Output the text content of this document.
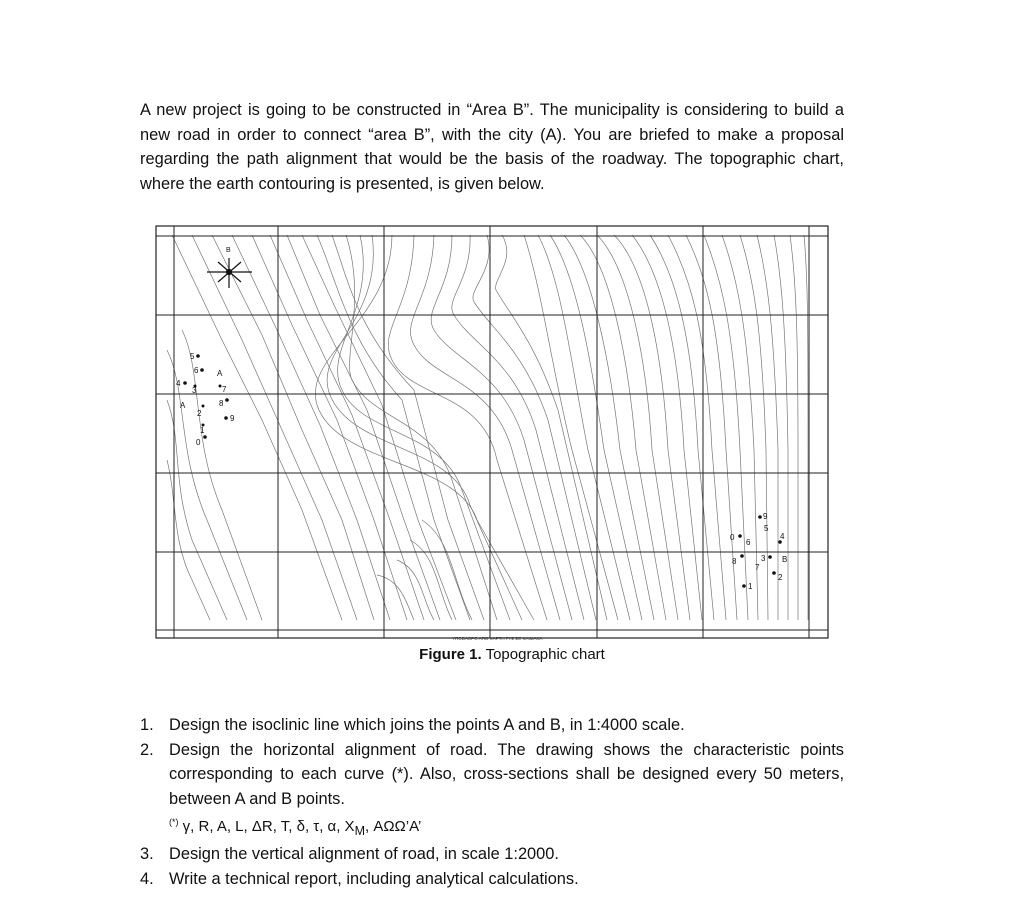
A new project is going to be constructed in “Area B”. The municipality is considering to build a new road in order to connect “area B”, with the city (A). You are briefed to make a proposal regarding the path alignment that would be the basis of the roadway. The topographic chart, where the earth contouring is presented, is given below.

B
5
6 A
4
3	7
A
2
8
9
1
0
9
5
0
6
4
3 B
8
7
2
1
ΥΠΟΒΑΘΡΟ ΑΠΟ ΧΑΡΤΗ ΓΥΣ ΣΕ ΚΛΙΜΑΚΑ
Figure 1. Topographic chart
1. Design the isoclinic line which joins the points A and B, in 1:4000 scale.
2. Design the horizontal alignment of road. The drawing shows the characteristic points corresponding to each curve (*). Also, cross-sections shall be designed every 50 meters, between A and B points.
(*) γ, R, A, L, ΔR, T, δ, τ, α, $X_M$, ΑΩΩ’Α’
3. Design the vertical alignment of road, in scale 1:2000.
4. Write a technical report, including analytical calculations.
